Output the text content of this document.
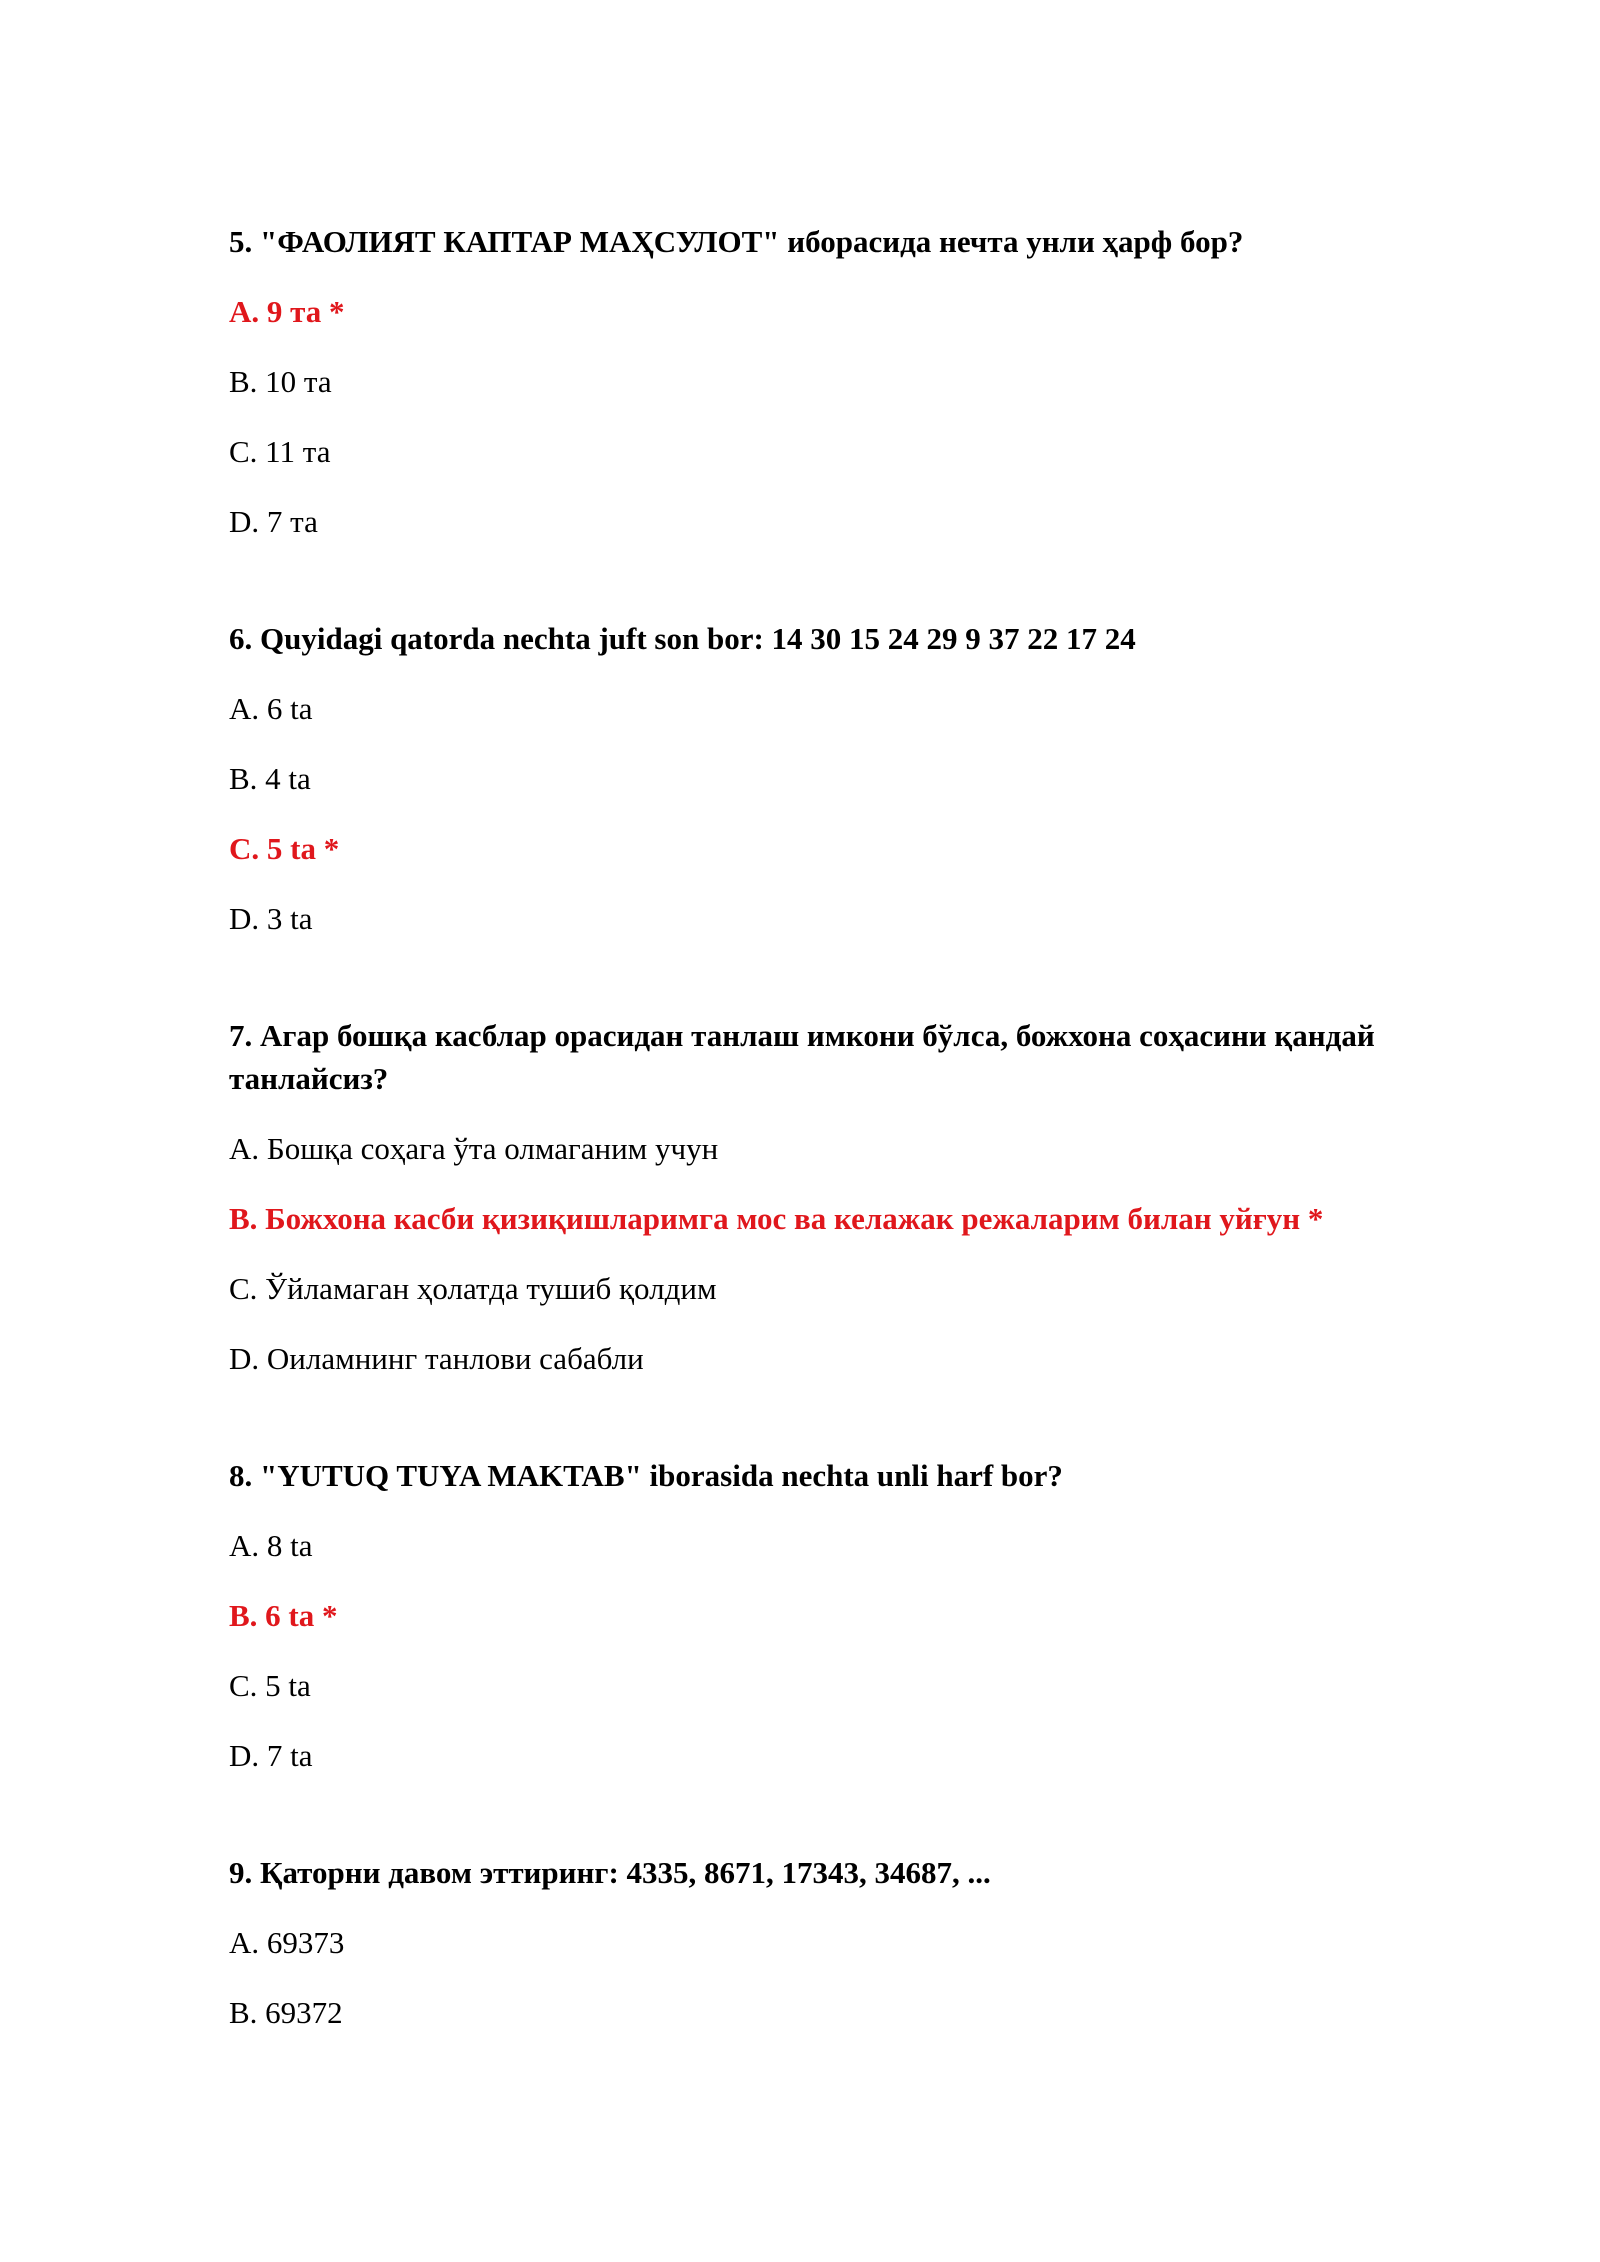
5. "ФАОЛИЯТ КАПТАР МАҲСУЛОТ" иборасида нечта унли ҳарф бор?

A. 9 та *

B. 10 та

C. 11 та

D. 7 та

6. Quyidagi qatorda nechta juft son bor: 14 30 15 24 29 9 37 22 17 24

A. 6 ta

B. 4 ta

C. 5 ta *

D. 3 ta

7. Агар бошқа касблар орасидан танлаш имкони бўлса, божхона соҳасини қандай танлайсиз?

A. Бошқа соҳага ўта олмаганим учун

B. Божхона касби қизиқишларимга мос ва келажак режаларим билан уйғун *

C. Ўйламаган ҳолатда тушиб қолдим

D. Оиламнинг танлови сабабли

8. "YUTUQ TUYA MAKTAB" iborasida nechta unli harf bor?

A. 8 ta

B. 6 ta *

C. 5 ta

D. 7 ta

9. Қаторни давом эттиринг: 4335, 8671, 17343, 34687, ...

A. 69373

B. 69372
